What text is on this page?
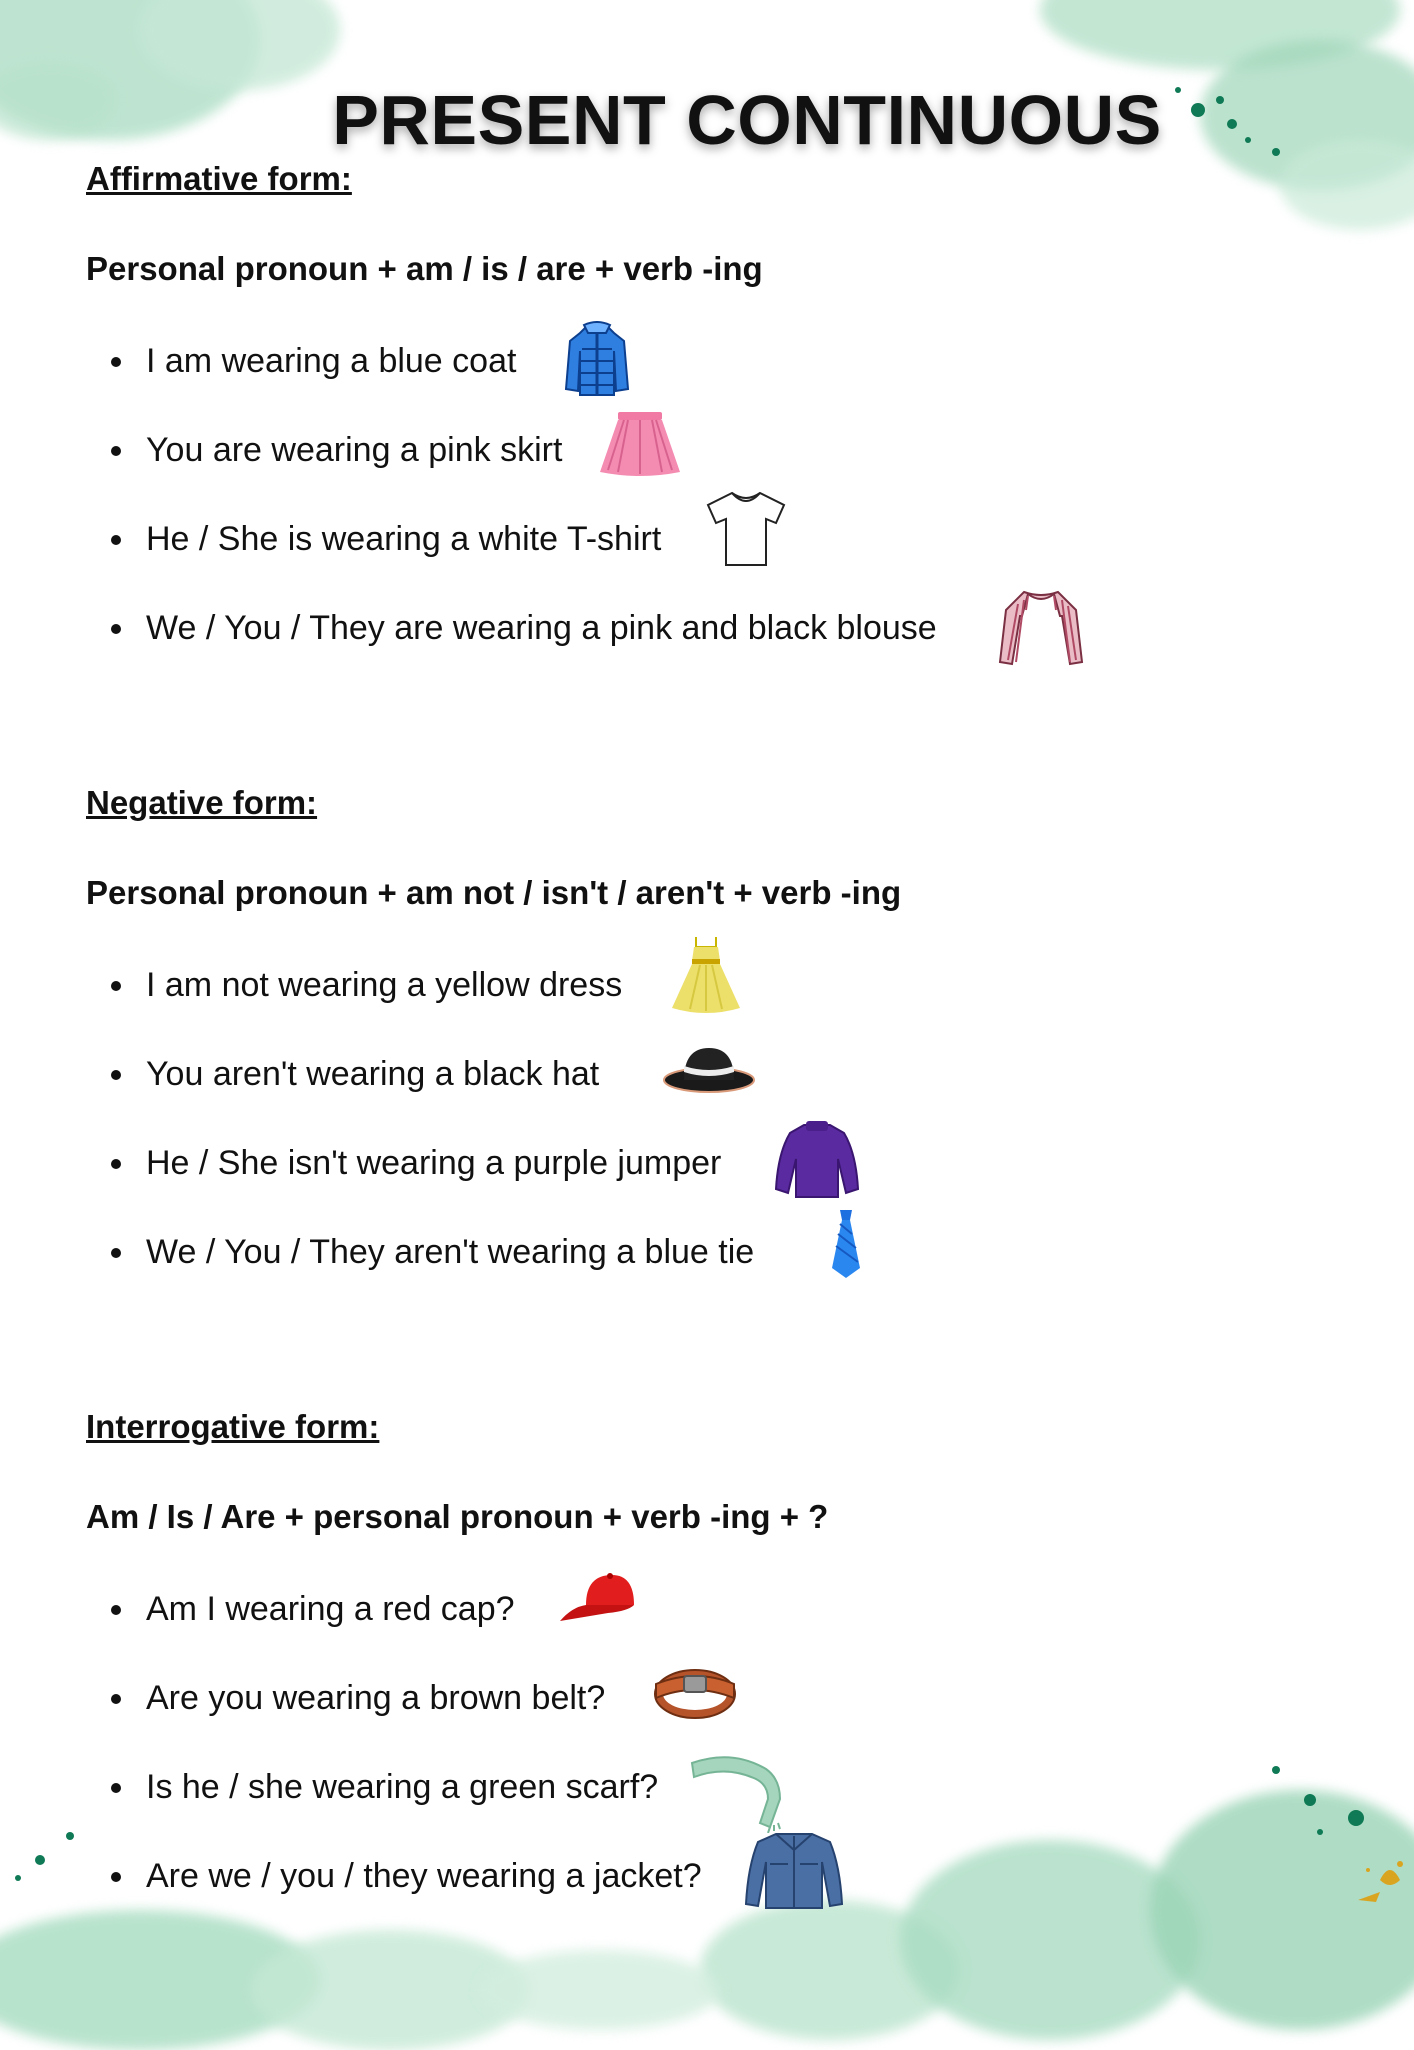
PRESENT CONTINUOUS

Affirmative form:

Personal pronoun + am / is / are + verb -ing

I am wearing a blue coat
You are wearing a pink skirt
He / She is wearing a white T-shirt
We / You / They are wearing a pink and black blouse

Negative form:

Personal pronoun + am not / isn't / aren't + verb -ing

I am not wearing a yellow dress
You aren't wearing a black hat
He / She isn't wearing a purple jumper
We / You / They aren't wearing a blue tie

Interrogative form:

Am / Is / Are + personal pronoun + verb -ing + ?

Am I wearing a red cap?
Are you wearing a brown belt?
Is he / she wearing a green scarf?
Are we / you / they wearing a jacket?
